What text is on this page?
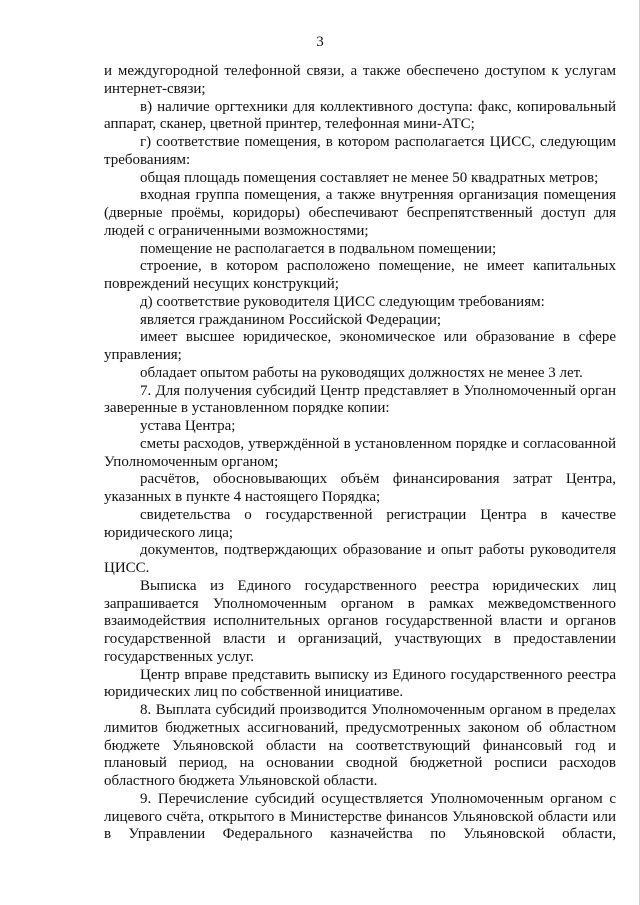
3

и междугородной телефонной связи, а также обеспечено доступом к услугам интернет-связи;

в) наличие оргтехники для коллективного доступа: факс, копировальный аппарат, сканер, цветной принтер, телефонная мини-АТС;

г) соответствие помещения, в котором располагается ЦИСС, следующим требованиям:

общая площадь помещения составляет не менее 50 квадратных метров;

входная группа помещения, а также внутренняя организация помещения (дверные проёмы, коридоры) обеспечивают беспрепятственный доступ для людей с ограниченными возможностями;

помещение не располагается в подвальном помещении;

строение, в котором расположено помещение, не имеет капитальных повреждений несущих конструкций;

д) соответствие руководителя ЦИСС следующим требованиям:

является гражданином Российской Федерации;

имеет высшее юридическое, экономическое или образование в сфере управления;

обладает опытом работы на руководящих должностях не менее 3 лет.

7. Для получения субсидий Центр представляет в Уполномоченный орган заверенные в установленном порядке копии:

устава Центра;

сметы расходов, утверждённой в установленном порядке и согласованной Уполномоченным органом;

расчётов, обосновывающих объём финансирования затрат Центра, указанных в пункте 4 настоящего Порядка;

свидетельства о государственной регистрации Центра в качестве юридического лица;

документов, подтверждающих образование и опыт работы руководителя ЦИСС.

Выписка из Единого государственного реестра юридических лиц запрашивается Уполномоченным органом в рамках межведомственного взаимодействия исполнительных органов государственной власти и органов государственной власти и организаций, участвующих в предоставлении государственных услуг.

Центр вправе представить выписку из Единого государственного реестра юридических лиц по собственной инициативе.

8. Выплата субсидий производится Уполномоченным органом в пределах лимитов бюджетных ассигнований, предусмотренных законом об областном бюджете Ульяновской области на соответствующий финансовый год и плановый период, на основании сводной бюджетной росписи расходов областного бюджета Ульяновской области.

9. Перечисление субсидий осуществляется Уполномоченным органом с лицевого счёта, открытого в Министерстве финансов Ульяновской области или в Управлении Федерального казначейства по Ульяновской области,
